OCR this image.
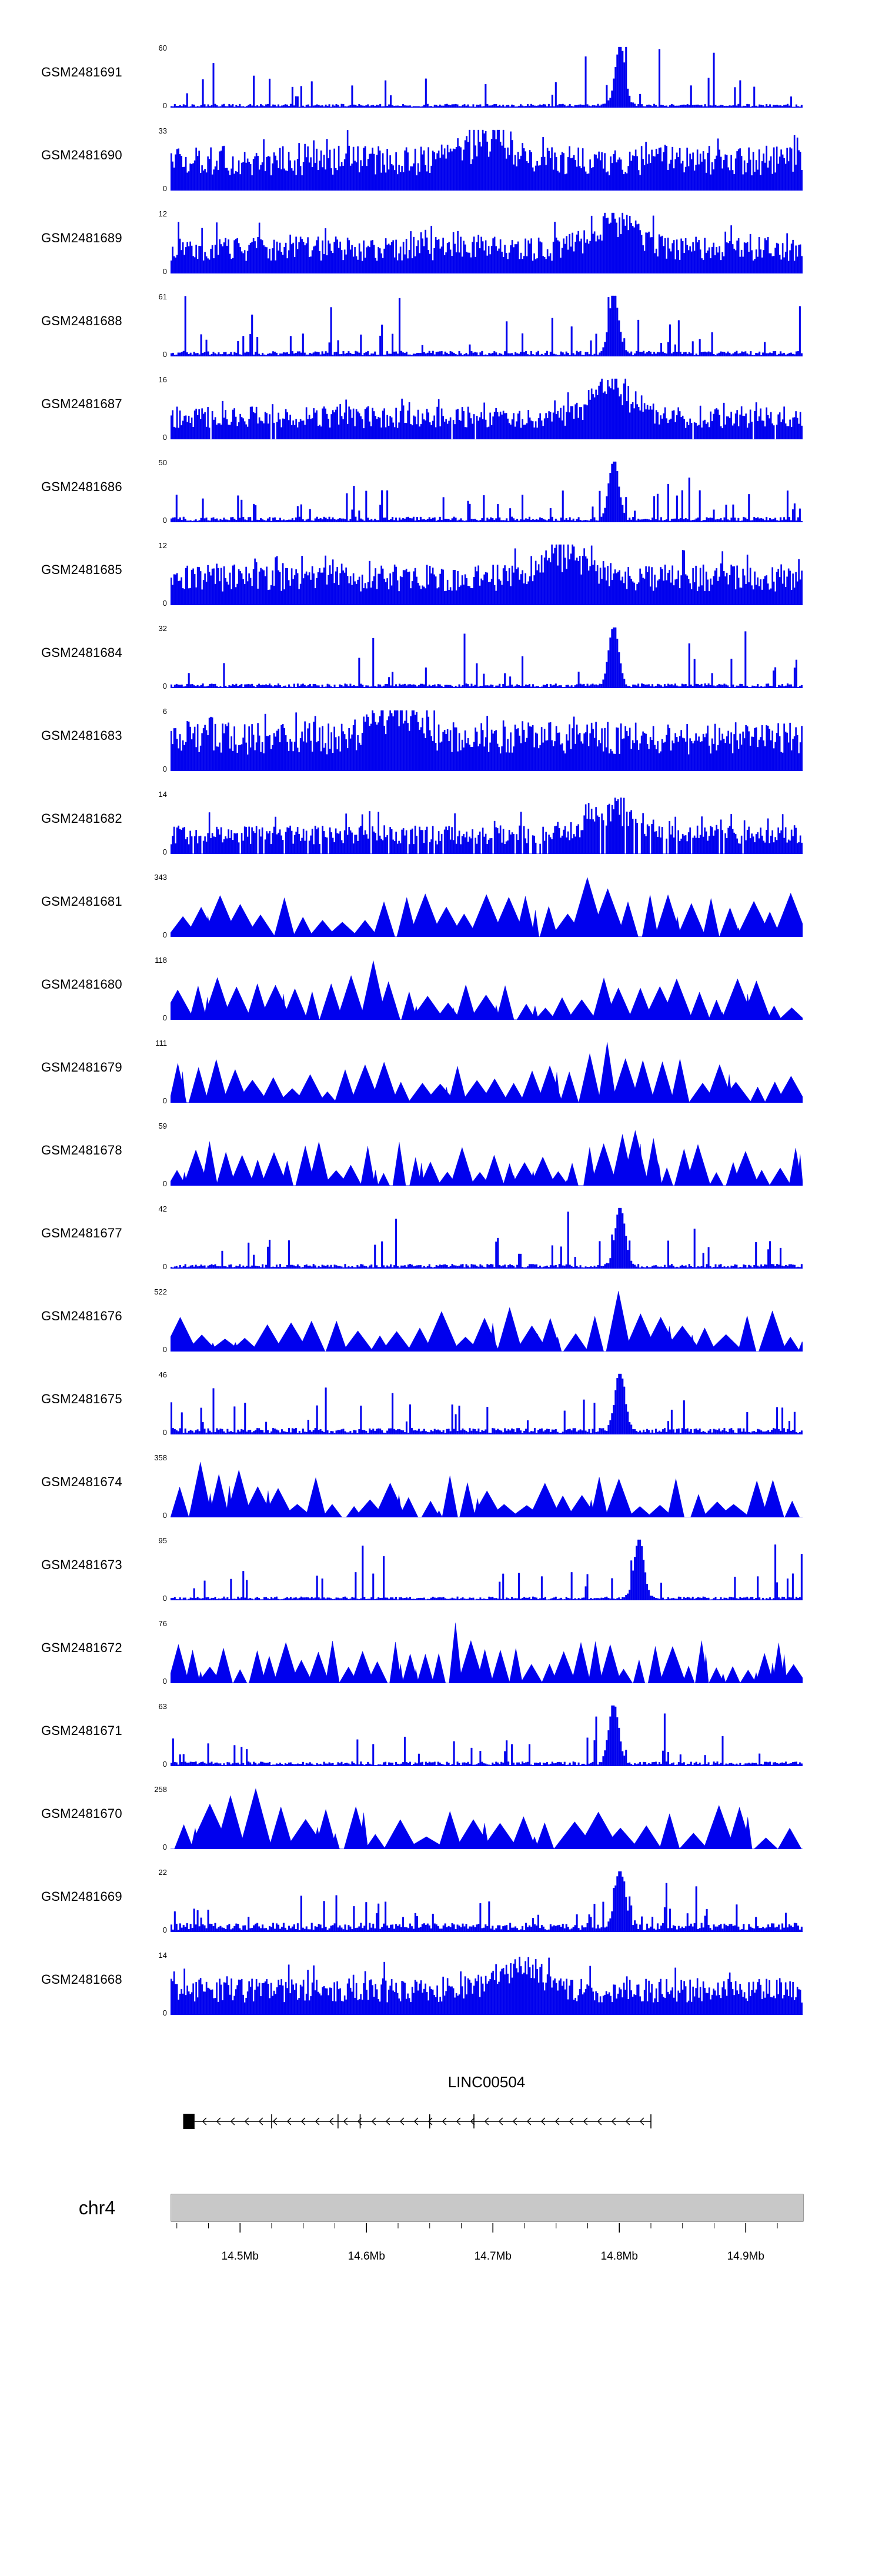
GSM2481691
60
0
GSM2481690
33
0
GSM2481689
12
0
GSM2481688
61
0
GSM2481687
16
0
GSM2481686
50
0
GSM2481685
12
0
GSM2481684
32
0
GSM2481683
6
0
GSM2481682
14
0
GSM2481681
343
0
GSM2481680
118
0
GSM2481679
111
0
GSM2481678
59
0
GSM2481677
42
0
GSM2481676
522
0
GSM2481675
46
0
GSM2481674
358
0
GSM2481673
95
0
GSM2481672
76
0
GSM2481671
63
0
GSM2481670
258
0
GSM2481669
22
0
GSM2481668
14
0
LINC00504
chr4
14.5Mb	14.6Mb	14.7Mb	14.8Mb	14.9Mb
